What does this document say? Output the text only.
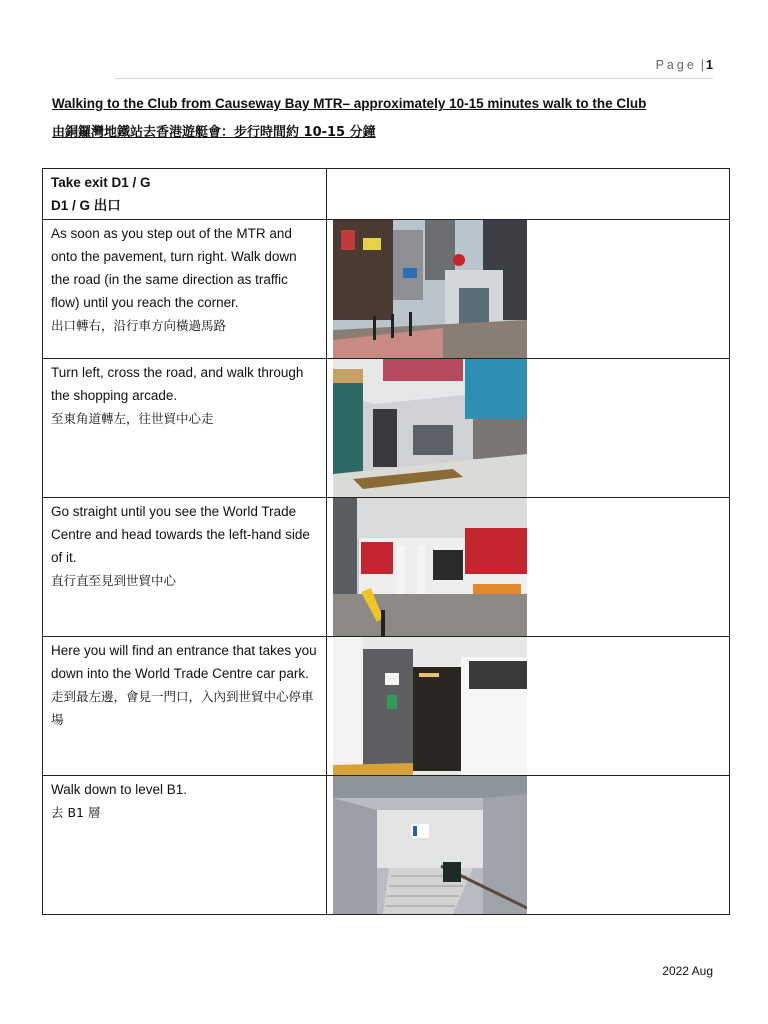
Page | 1
Walking to the Club from Causeway Bay MTR– approximately 10-15 minutes walk to the Club
由銅鑼灣地鐵站去香港遊艇會：步行時間約 10-15 分鐘
Take exit D1 / G
D1 / G 出口	

As soon as you step out of the MTR and onto the pavement, turn right. Walk down the road (in the same direction as traffic flow) until you reach the corner.
出口轉右，沿行車方向橫過馬路

Turn left, cross the road, and walk through the shopping arcade.
至東角道轉左，往世貿中心走

Go straight until you see the World Trade Centre and head towards the left-hand side of it.
直行直至見到世貿中心

Here you will find an entrance that takes you down into the World Trade Centre car park.
走到最左邊，會見一門口，入內到世貿中心停車場

Walk down to level B1.
去 B1 層

2022 Aug
